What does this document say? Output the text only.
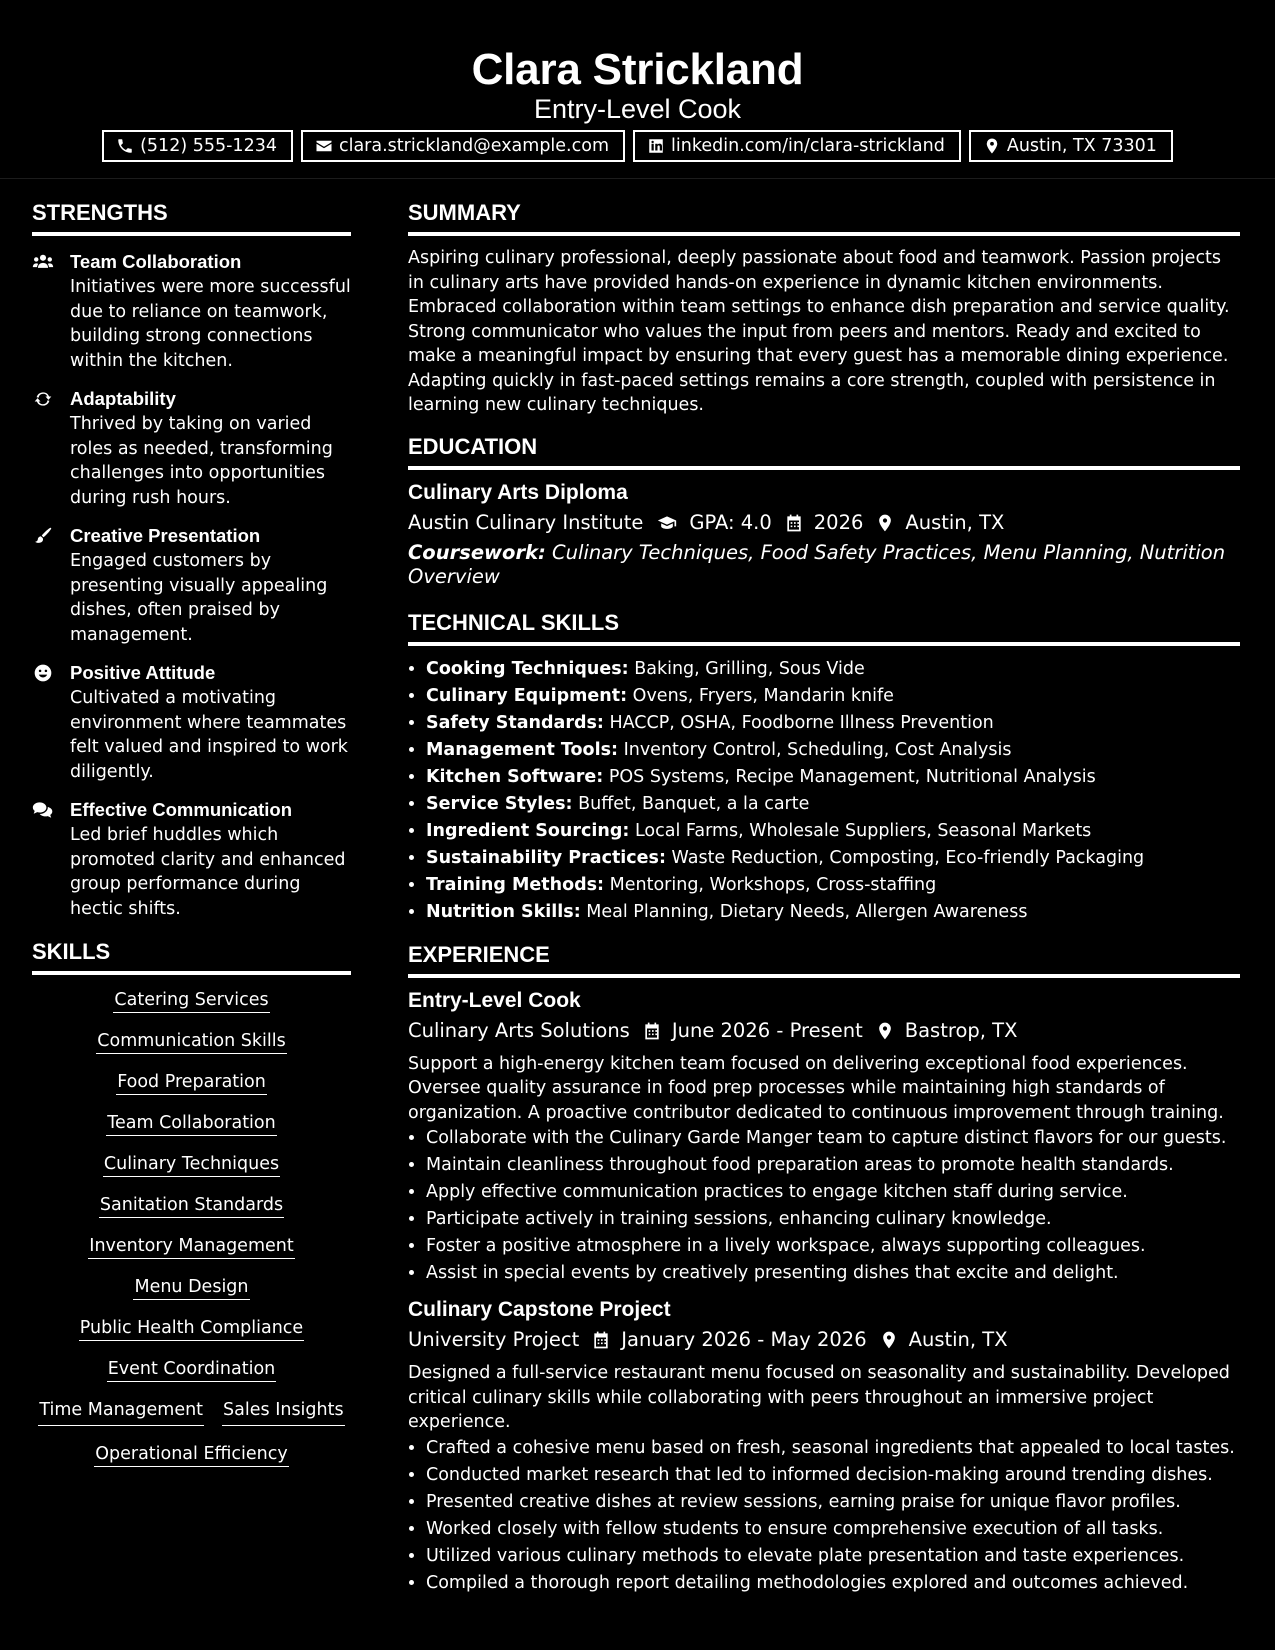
Clara Strickland
Entry-Level Cook
(512) 555-1234	clara.strickland@example.com	linkedin.com/in/clara-strickland	Austin, TX 73301
STRENGTHS
Team Collaboration
Initiatives were more successful due to reliance on teamwork, building strong connections within the kitchen.
Adaptability
Thrived by taking on varied roles as needed, transforming challenges into opportunities during rush hours.
Creative Presentation
Engaged customers by presenting visually appealing dishes, often praised by management.
Positive Attitude
Cultivated a motivating environment where teammates felt valued and inspired to work diligently.
Effective Communication
Led brief huddles which promoted clarity and enhanced group performance during hectic shifts.
SKILLS
Catering Services
Communication Skills
Food Preparation
Team Collaboration
Culinary Techniques
Sanitation Standards
Inventory Management
Menu Design
Public Health Compliance
Event Coordination
Time Management Sales Insights
Operational Efficiency
SUMMARY
Aspiring culinary professional, deeply passionate about food and teamwork. Passion projects in culinary arts have provided hands-on experience in dynamic kitchen environments. Embraced collaboration within team settings to enhance dish preparation and service quality. Strong communicator who values the input from peers and mentors. Ready and excited to make a meaningful impact by ensuring that every guest has a memorable dining experience. Adapting quickly in fast-paced settings remains a core strength, coupled with persistence in learning new culinary techniques.
EDUCATION
Culinary Arts Diploma
Austin Culinary Institute GPA: 4.0 2026 Austin, TX
Coursework: Culinary Techniques, Food Safety Practices, Menu Planning, Nutrition Overview
TECHNICAL SKILLS
• Cooking Techniques: Baking, Grilling, Sous Vide
• Culinary Equipment: Ovens, Fryers, Mandarin knife
• Safety Standards: HACCP, OSHA, Foodborne Illness Prevention
• Management Tools: Inventory Control, Scheduling, Cost Analysis
• Kitchen Software: POS Systems, Recipe Management, Nutritional Analysis
• Service Styles: Buffet, Banquet, a la carte
• Ingredient Sourcing: Local Farms, Wholesale Suppliers, Seasonal Markets
• Sustainability Practices: Waste Reduction, Composting, Eco-friendly Packaging
• Training Methods: Mentoring, Workshops, Cross-staffing
• Nutrition Skills: Meal Planning, Dietary Needs, Allergen Awareness
EXPERIENCE
Entry-Level Cook
Culinary Arts Solutions June 2026 - Present Bastrop, TX
Support a high-energy kitchen team focused on delivering exceptional food experiences. Oversee quality assurance in food prep processes while maintaining high standards of organization. A proactive contributor dedicated to continuous improvement through training.
• Collaborate with the Culinary Garde Manger team to capture distinct flavors for our guests.
• Maintain cleanliness throughout food preparation areas to promote health standards.
• Apply effective communication practices to engage kitchen staff during service.
• Participate actively in training sessions, enhancing culinary knowledge.
• Foster a positive atmosphere in a lively workspace, always supporting colleagues.
• Assist in special events by creatively presenting dishes that excite and delight.
Culinary Capstone Project
University Project January 2026 - May 2026 Austin, TX
Designed a full-service restaurant menu focused on seasonality and sustainability. Developed critical culinary skills while collaborating with peers throughout an immersive project experience.
• Crafted a cohesive menu based on fresh, seasonal ingredients that appealed to local tastes.
• Conducted market research that led to informed decision-making around trending dishes.
• Presented creative dishes at review sessions, earning praise for unique flavor profiles.
• Worked closely with fellow students to ensure comprehensive execution of all tasks.
• Utilized various culinary methods to elevate plate presentation and taste experiences.
• Compiled a thorough report detailing methodologies explored and outcomes achieved.
